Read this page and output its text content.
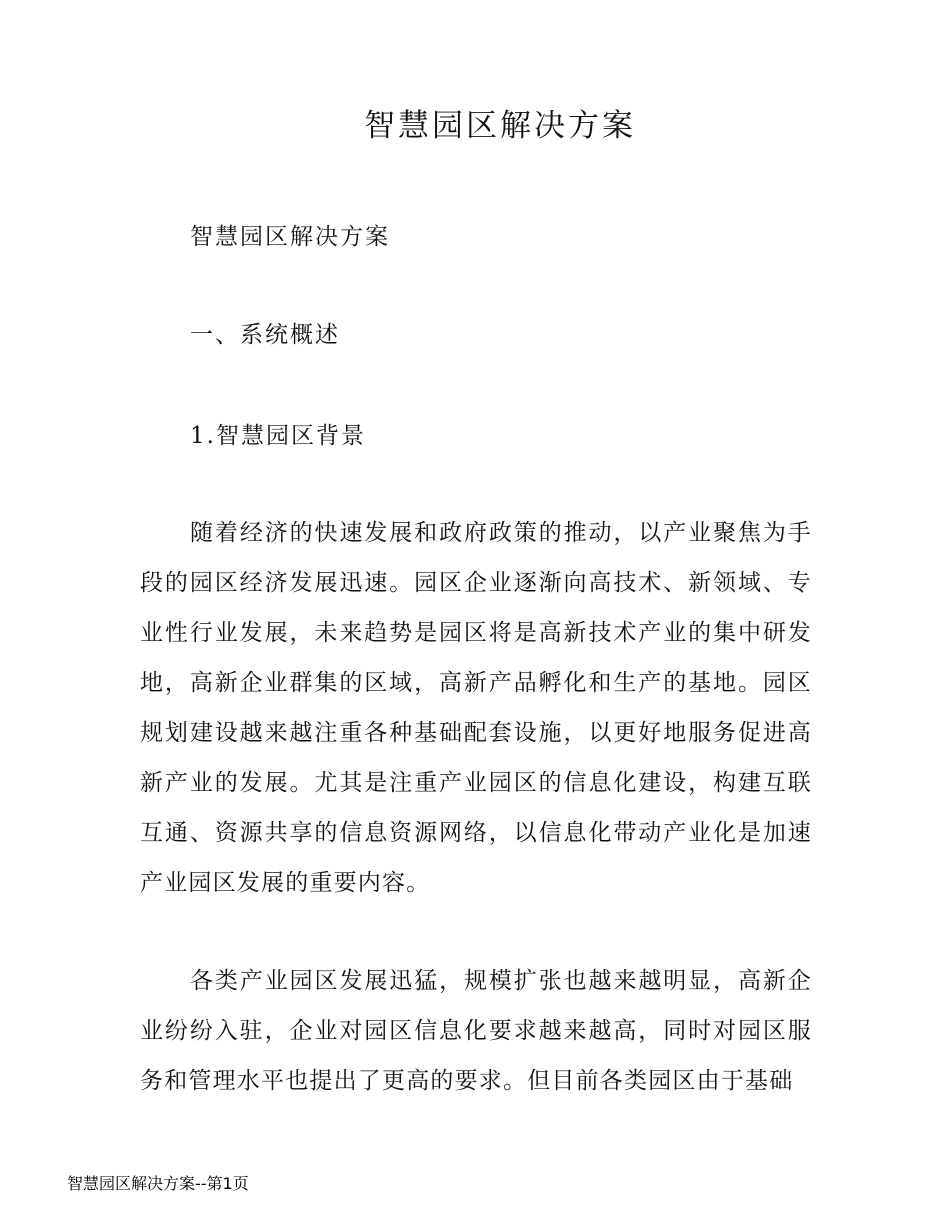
智慧园区解决方案

智慧园区解决方案

一、系统概述

1.智慧园区背景

随着经济的快速发展和政府政策的推动，以产业聚焦为手段的园区经济发展迅速。园区企业逐渐向高技术、新领域、专业性行业发展，未来趋势是园区将是高新技术产业的集中研发地，高新企业群集的区域，高新产品孵化和生产的基地。园区规划建设越来越注重各种基础配套设施，以更好地服务促进高新产业的发展。尤其是注重产业园区的信息化建设，构建互联互通、资源共享的信息资源网络，以信息化带动产业化是加速产业园区发展的重要内容。

各类产业园区发展迅猛，规模扩张也越来越明显，高新企业纷纷入驻，企业对园区信息化要求越来越高，同时对园区服务和管理水平也提出了更高的要求。但目前各类园区由于基础

智慧园区解决方案--第1页
